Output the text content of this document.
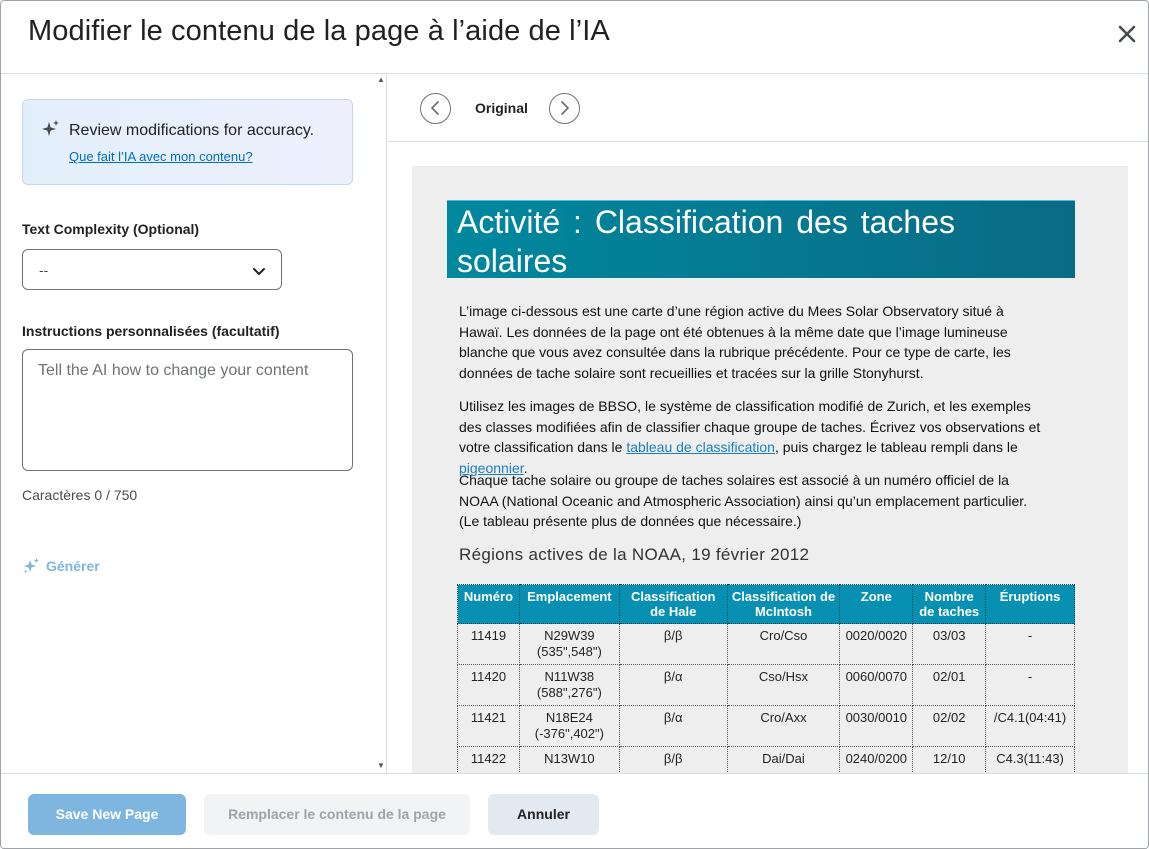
Modifier le contenu de la page à l’aide de l’IA
▲
▼
Review modifications for accuracy.
Que fait l’IA avec mon contenu?
Text Complexity (Optional)
--
Instructions personnalisées (facultatif)
Tell the AI how to change your content
Caractères 0 / 750
Générer
Original
Activité : Classification des taches solaires

L’image ci-dessous est une carte d’une région active du Mees Solar Observatory situé à Hawaï. Les données de la page ont été obtenues à la même date que l’image lumineuse blanche que vous avez consultée dans la rubrique précédente. Pour ce type de carte, les données de tache solaire sont recueillies et tracées sur la grille Stonyhurst.

Utilisez les images de BBSO, le système de classification modifié de Zurich, et les exemples des classes modifiées afin de classifier chaque groupe de taches. Écrivez vos observations et votre classification dans le tableau de classification, puis chargez le tableau rempli dans le pigeonnier.

Chaque tache solaire ou groupe de taches solaires est associé à un numéro officiel de la NOAA (National Oceanic and Atmospheric Association) ainsi qu’un emplacement particulier. (Le tableau présente plus de données que nécessaire.)

Régions actives de la NOAA, 19 février 2012
Numéro	Emplacement	Classification de Hale	Classification de McIntosh	Zone	Nombre de taches	Éruptions
11419	N29W39 (535",548")	β/β	Cro/Cso	0020/0020	03/03	-
11420	N11W38 (588",276")	β/α	Cso/Hsx	0060/0070	02/01	-
11421	N18E24 (-376",402")	β/α	Cro/Axx	0030/0010	02/02	/C4.1(04:41)
11422	N13W10	β/β	Dai/Dai	0240/0200	12/10	C4.3(11:43)
Save New Page	Remplacer le contenu de la page	Annuler
